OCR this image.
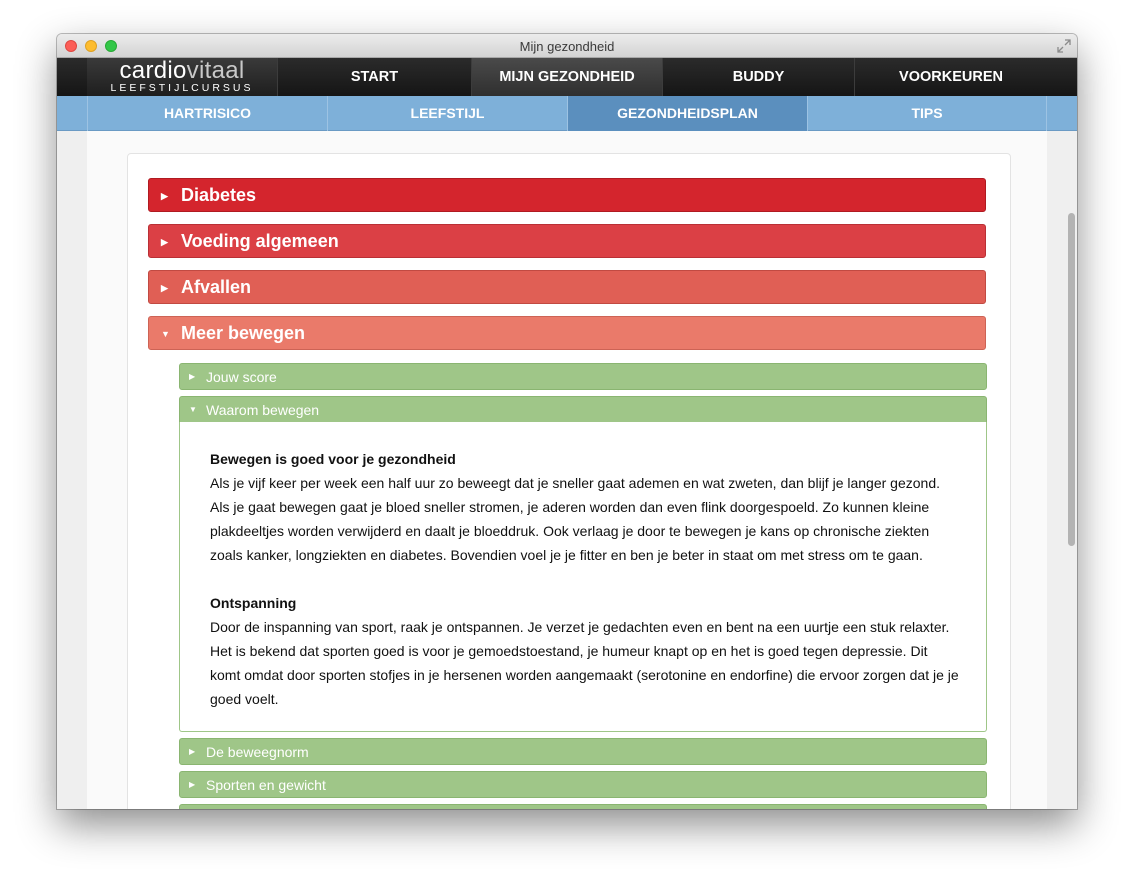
Mijn gezondheid
cardiovitaal
LEEFSTIJLCURSUS
START	MIJN GEZONDHEID	BUDDY	VOORKEUREN
HARTRISICO	LEEFSTIJL	GEZONDHEIDSPLAN	TIPS
▶ Diabetes
▶ Voeding algemeen
▶ Afvallen
▼ Meer bewegen
▶ Jouw score
▼ Waarom bewegen
Bewegen is goed voor je gezondheid

Als je vijf keer per week een half uur zo beweegt dat je sneller gaat ademen en wat zweten, dan blijf je langer gezond. Als je gaat bewegen gaat je bloed sneller stromen, je aderen worden dan even flink doorgespoeld. Zo kunnen kleine plakdeeltjes worden verwijderd en daalt je bloeddruk. Ook verlaag je door te bewegen je kans op chronische ziekten zoals kanker, longziekten en diabetes. Bovendien voel je je fitter en ben je beter in staat om met stress om te gaan.

Ontspanning

Door de inspanning van sport, raak je ontspannen. Je verzet je gedachten even en bent na een uurtje een stuk relaxter. Het is bekend dat sporten goed is voor je gemoedstoestand, je humeur knapt op en het is goed tegen depressie. Dit komt omdat door sporten stofjes in je hersenen worden aangemaakt (serotonine en endorfine) die ervoor zorgen dat je je goed voelt.

▶ De beweegnorm
▶ Sporten en gewicht
